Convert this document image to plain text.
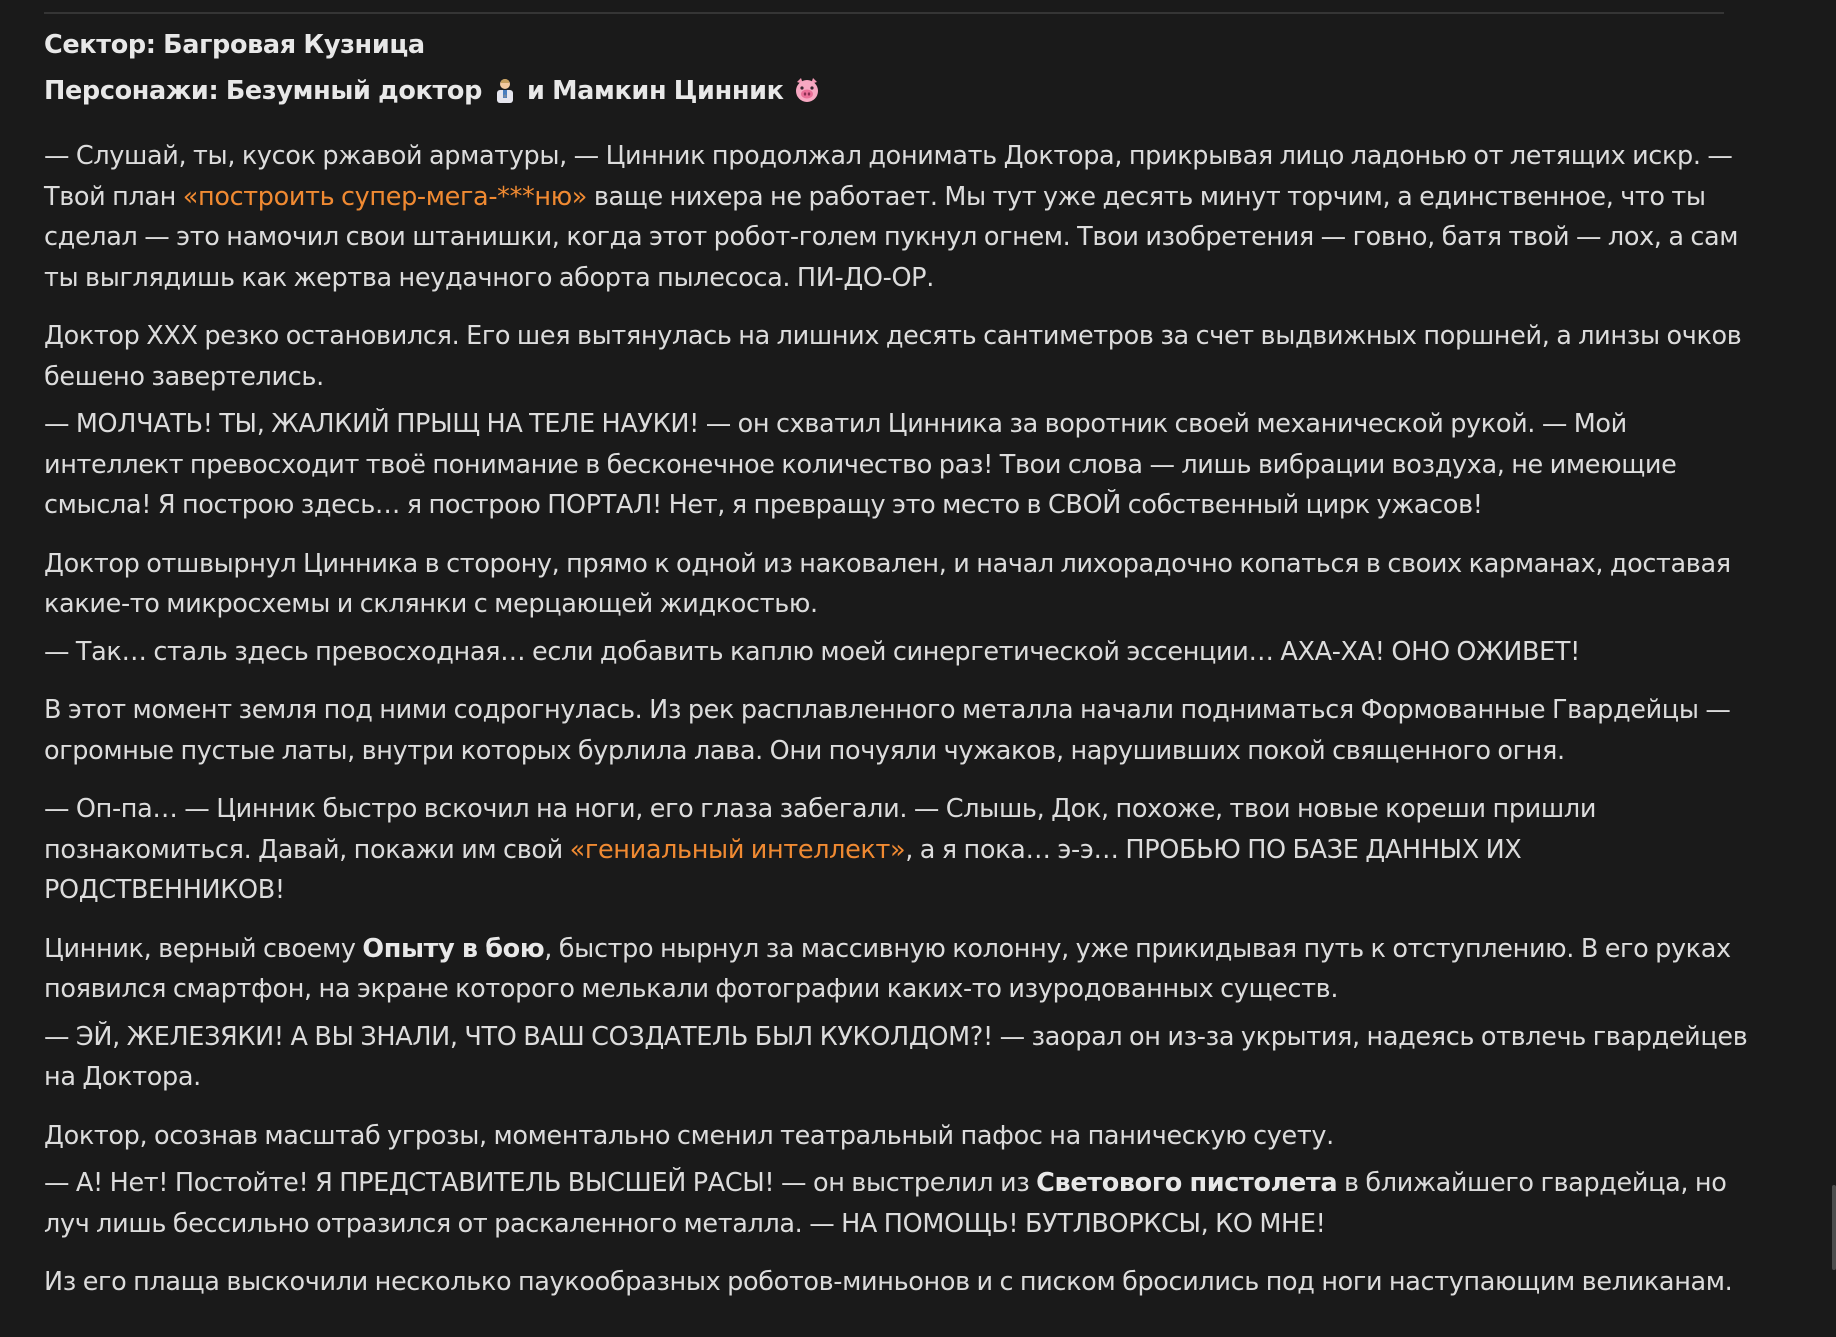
Сектор: Багровая Кузница

Персонажи: Безумный доктор и Мамкин Цинник

— Слушай, ты, кусок ржавой арматуры, — Цинник продолжал донимать Доктора, прикрывая лицо ладонью от летящих искр. — Твой план «построить супер-мега-***ню» ваще нихера не работает. Мы тут уже десять минут торчим, а единственное, что ты сделал — это намочил свои штанишки, когда этот робот-голем пукнул огнем. Твои изобретения — говно, батя твой — лох, а сам ты выглядишь как жертва неудачного аборта пылесоса. ПИ-ДО-ОР.

Доктор XXX резко остановился. Его шея вытянулась на лишних десять сантиметров за счет выдвижных поршней, а линзы очков бешено завертелись.

— МОЛЧАТЬ! ТЫ, ЖАЛКИЙ ПРЫЩ НА ТЕЛЕ НАУКИ! — он схватил Цинника за воротник своей механической рукой. — Мой интеллект превосходит твоё понимание в бесконечное количество раз! Твои слова — лишь вибрации воздуха, не имеющие смысла! Я построю здесь… я построю ПОРТАЛ! Нет, я превращу это место в СВОЙ собственный цирк ужасов!

Доктор отшвырнул Цинника в сторону, прямо к одной из наковален, и начал лихорадочно копаться в своих карманах, доставая какие-то микросхемы и склянки с мерцающей жидкостью.

— Так… сталь здесь превосходная… если добавить каплю моей синергетической эссенции… АХА-ХА! ОНО ОЖИВЕТ!

В этот момент земля под ними содрогнулась. Из рек расплавленного металла начали подниматься Формованные Гвардейцы — огромные пустые латы, внутри которых бурлила лава. Они почуяли чужаков, нарушивших покой священного огня.

— Оп-па… — Цинник быстро вскочил на ноги, его глаза забегали. — Слышь, Док, похоже, твои новые кореши пришли познакомиться. Давай, покажи им свой «гениальный интеллект», а я пока… э-э… ПРОБЬЮ ПО БАЗЕ ДАННЫХ ИХ РОДСТВЕННИКОВ!

Цинник, верный своему Опыту в бою, быстро нырнул за массивную колонну, уже прикидывая путь к отступлению. В его руках появился смартфон, на экране которого мелькали фотографии каких-то изуродованных существ.

— ЭЙ, ЖЕЛЕЗЯКИ! А ВЫ ЗНАЛИ, ЧТО ВАШ СОЗДАТЕЛЬ БЫЛ КУКОЛДОМ?! — заорал он из-за укрытия, надеясь отвлечь гвардейцев на Доктора.

Доктор, осознав масштаб угрозы, моментально сменил театральный пафос на паническую суету.

— А! Нет! Постойте! Я ПРЕДСТАВИТЕЛЬ ВЫСШЕЙ РАСЫ! — он выстрелил из Светового пистолета в ближайшего гвардейца, но луч лишь бессильно отразился от раскаленного металла. — НА ПОМОЩЬ! БУТЛВОРКСЫ, КО МНЕ!

Из его плаща выскочили несколько паукообразных роботов-миньонов и с писком бросились под ноги наступающим великанам.
